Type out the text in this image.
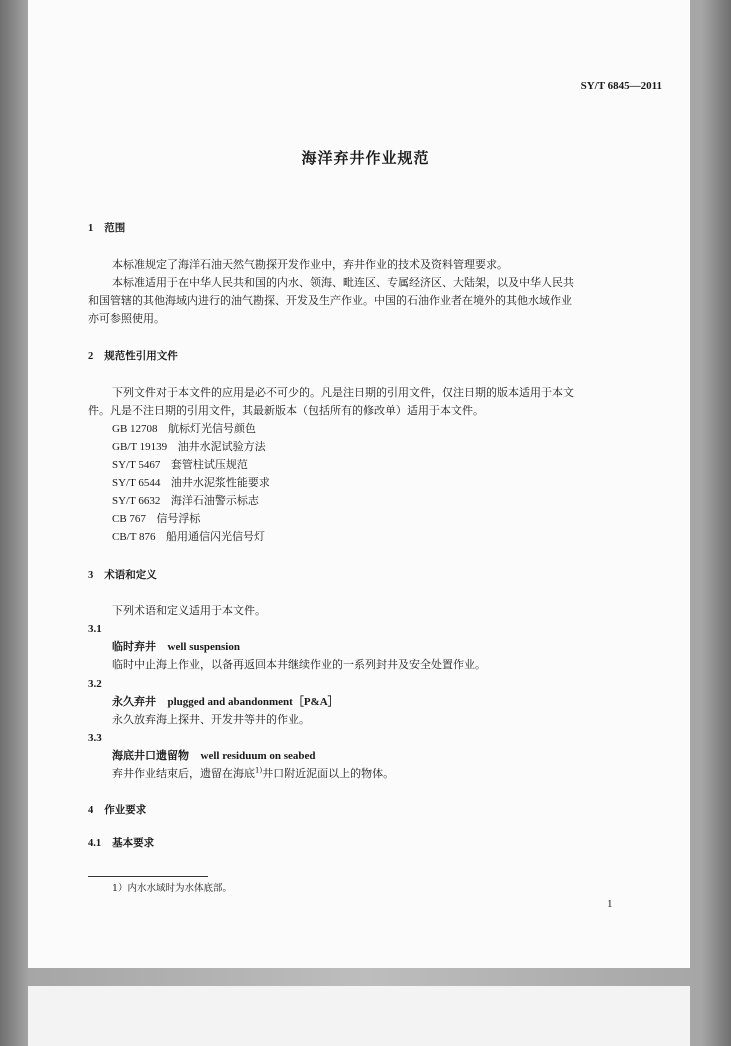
SY/T 6845—2011
海洋弃井作业规范
1 范围
本标准规定了海洋石油天然气勘探开发作业中，弃井作业的技术及资料管理要求。
本标准适用于在中华人民共和国的内水、领海、毗连区、专属经济区、大陆架，以及中华人民共
和国管辖的其他海域内进行的油气勘探、开发及生产作业。中国的石油作业者在境外的其他水域作业
亦可参照使用。
2 规范性引用文件
下列文件对于本文件的应用是必不可少的。凡是注日期的引用文件，仅注日期的版本适用于本文
件。凡是不注日期的引用文件，其最新版本（包括所有的修改单）适用于本文件。
GB 12708 航标灯光信号颜色
GB/T 19139 油井水泥试验方法
SY/T 5467 套管柱试压规范
SY/T 6544 油井水泥浆性能要求
SY/T 6632 海洋石油警示标志
CB 767 信号浮标
CB/T 876 船用通信闪光信号灯
3 术语和定义
下列术语和定义适用于本文件。
3.1
临时弃井 well suspension
临时中止海上作业，以备再返回本井继续作业的一系列封井及安全处置作业。
3.2
永久弃井 plugged and abandonment［P&A］
永久放弃海上探井、开发井等井的作业。
3.3
海底井口遗留物 well residuum on seabed
弃井作业结束后，遗留在海底$^{1)}$井口附近泥面以上的物体。
4 作业要求
4.1 基本要求
1）内水水域时为水体底部。
1
